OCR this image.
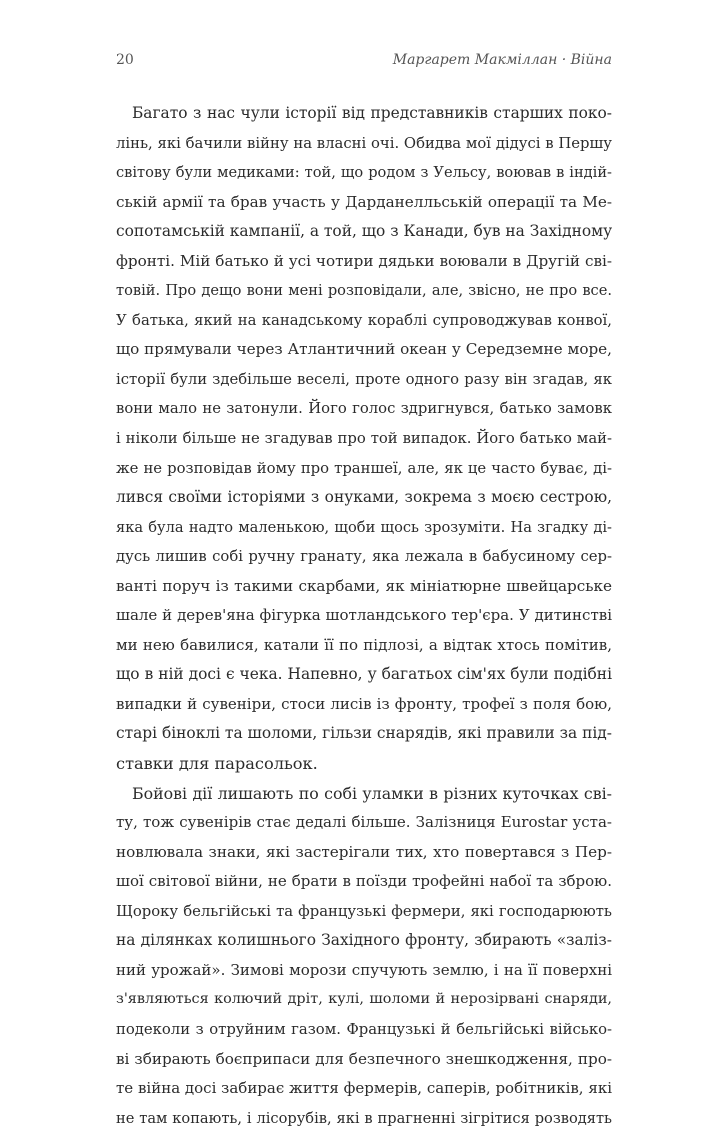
20	Маргарет Макміллан · Війна
Багато з нас чули історії від представників старших поко-
лінь, які бачили війну на власні очі. Обидва мої дідусі в Першу
світову були медиками: той, що родом з Уельсу, воював в індій-
ській армії та брав участь у Дарданелльській операції та Ме-
сопотамській кампанії, а той, що з Канади, був на Західному
фронті. Мій батько й усі чотири дядьки воювали в Другій сві-
товій. Про дещо вони мені розповідали, але, звісно, не про все.
У батька, який на канадському кораблі супроводжував конвої,
що прямували через Атлантичний океан у Середземне море,
історії були здебільше веселі, проте одного разу він згадав, як
вони мало не затонули. Його голос здригнувся, батько замовк
і ніколи більше не згадував про той випадок. Його батько май-
же не розповідав йому про траншеї, але, як це часто буває, ді-
лився своїми історіями з онуками, зокрема з моєю сестрою,
яка була надто маленькою, щоби щось зрозуміти. На згадку ді-
дусь лишив собі ручну гранату, яка лежала в бабусиному сер-
ванті поруч із такими скарбами, як мініатюрне швейцарське
шале й дерев'яна фігурка шотландського тер'єра. У дитинстві
ми нею бавилися, катали її по підлозі, а відтак хтось помітив,
що в ній досі є чека. Напевно, у багатьох сім'ях були подібні
випадки й сувеніри, стоси лисів із фронту, трофеї з поля бою,
старі біноклі та шоломи, гільзи снарядів, які правили за під-
ставки для парасольок.
Бойові дії лишають по собі уламки в різних куточках сві-
ту, тож сувенірів стає дедалі більше. Залізниця Eurostar уста-
новлювала знаки, які застерігали тих, хто повертався з Пер-
шої світової війни, не брати в поїзди трофейні набої та зброю.
Щороку бельгійські та французькі фермери, які господарюють
на ділянках колишнього Західного фронту, збирають «заліз-
ний урожай». Зимові морози спучують землю, і на її поверхні
з'являються колючий дріт, кулі, шоломи й нерозірвані снаряди,
подеколи з отруйним газом. Французькі й бельгійські військо-
ві збирають боєприпаси для безпечного знешкодження, про-
те війна досі забирає життя фермерів, саперів, робітників, які
не там копають, і лісорубів, які в прагненні зігрітися розводять
